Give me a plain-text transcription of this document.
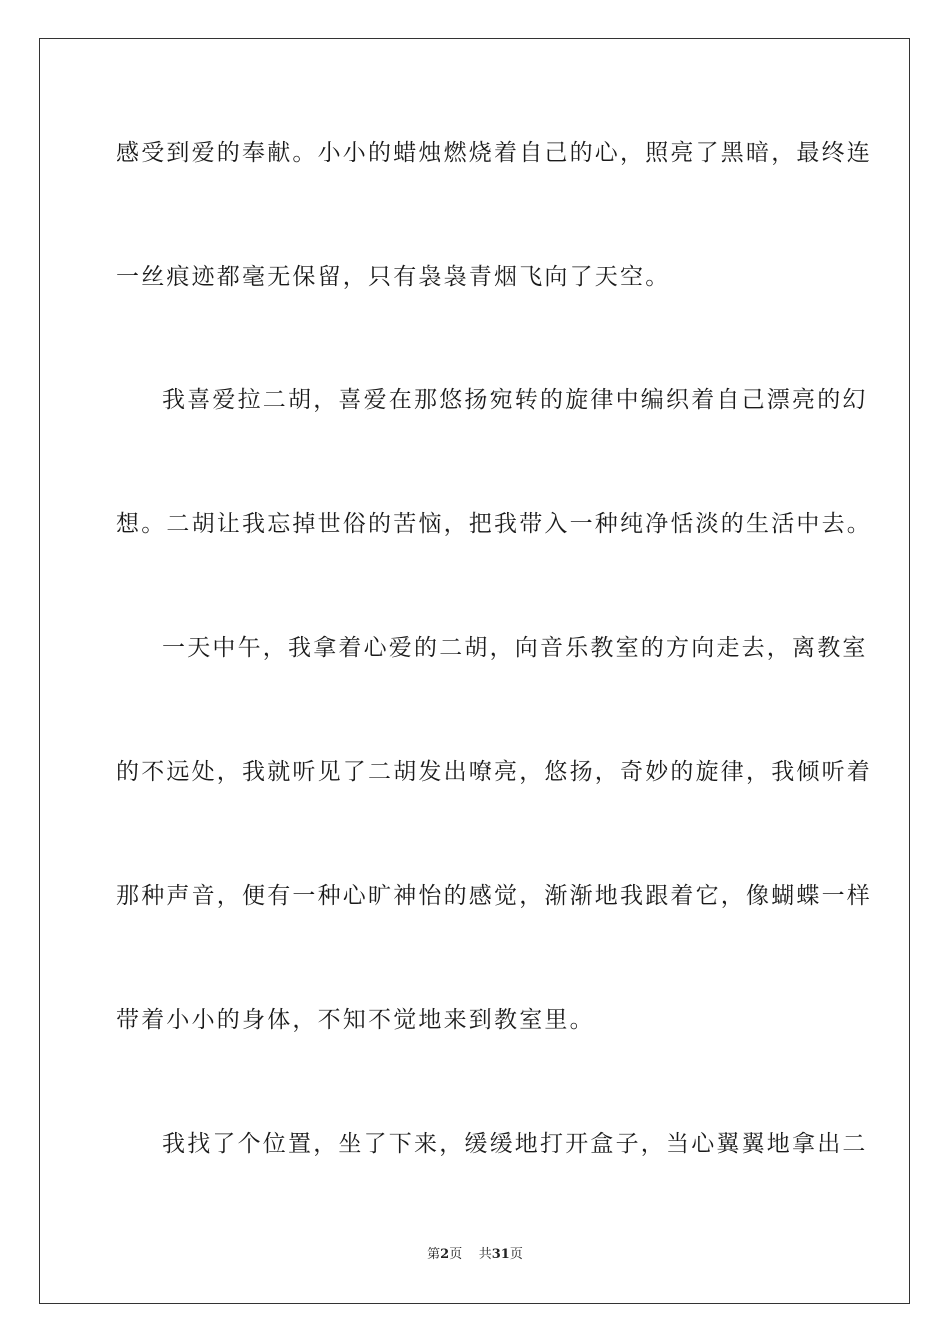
感受到爱的奉献。小小的蜡烛燃烧着自己的心，照亮了黑暗，最终连
一丝痕迹都毫无保留，只有袅袅青烟飞向了天空。
我喜爱拉二胡，喜爱在那悠扬宛转的旋律中编织着自己漂亮的幻
想。二胡让我忘掉世俗的苦恼，把我带入一种纯净恬淡的生活中去。
一天中午，我拿着心爱的二胡，向音乐教室的方向走去，离教室
的不远处，我就听见了二胡发出嘹亮，悠扬，奇妙的旋律，我倾听着
那种声音，便有一种心旷神怡的感觉，渐渐地我跟着它，像蝴蝶一样
带着小小的身体，不知不觉地来到教室里。
我找了个位置，坐了下来，缓缓地打开盒子，当心翼翼地拿出二
第2页 共31页
